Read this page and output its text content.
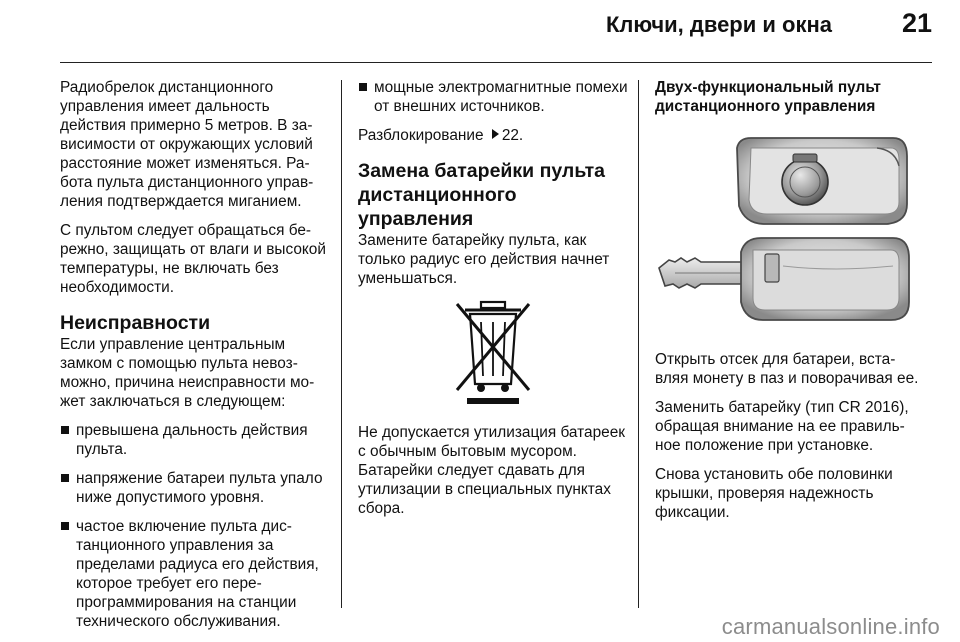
Ключи, двери и окна	21

Радиобрелок дистанционного управления имеет дальность действия примерно 5 метров. В зависимости от окружающих условий расстояние может изменяться. Работа пульта дистанционного управления подтверждается миганием.

С пультом следует обращаться бережно, защищать от влаги и высокой температуры, не включать без необходимости.

Неисправности

Если управление центральным замком с помощью пульта невозможно, причина неисправности может заключаться в следующем:

превышена дальность действия пульта.
напряжение батареи пульта упало ниже допустимого уровня.
частое включение пульта дистанционного управления за пределами радиуса его действия, которое требует его перепрограммирования на станции технического обслуживания.
мощные электромагнитные помехи от внешних источников.

Разблокирование 22.

Замена батарейки пульта дистанционного управления

Замените батарейку пульта, как только радиус его действия начнет уменьшаться.

Не допускается утилизация батареек с обычным бытовым мусором. Батарейки следует сдавать для утилизации в специальных пунктах сбора.

Двух-функциональный пульт дистанционного управления

Открыть отсек для батареи, вставляя монету в паз и поворачивая ее.

Заменить батарейку (тип CR 2016), обращая внимание на ее правильное положение при установке.

Снова установить обе половинки крышки, проверяя надежность фиксации.

carmanualsonline.info
